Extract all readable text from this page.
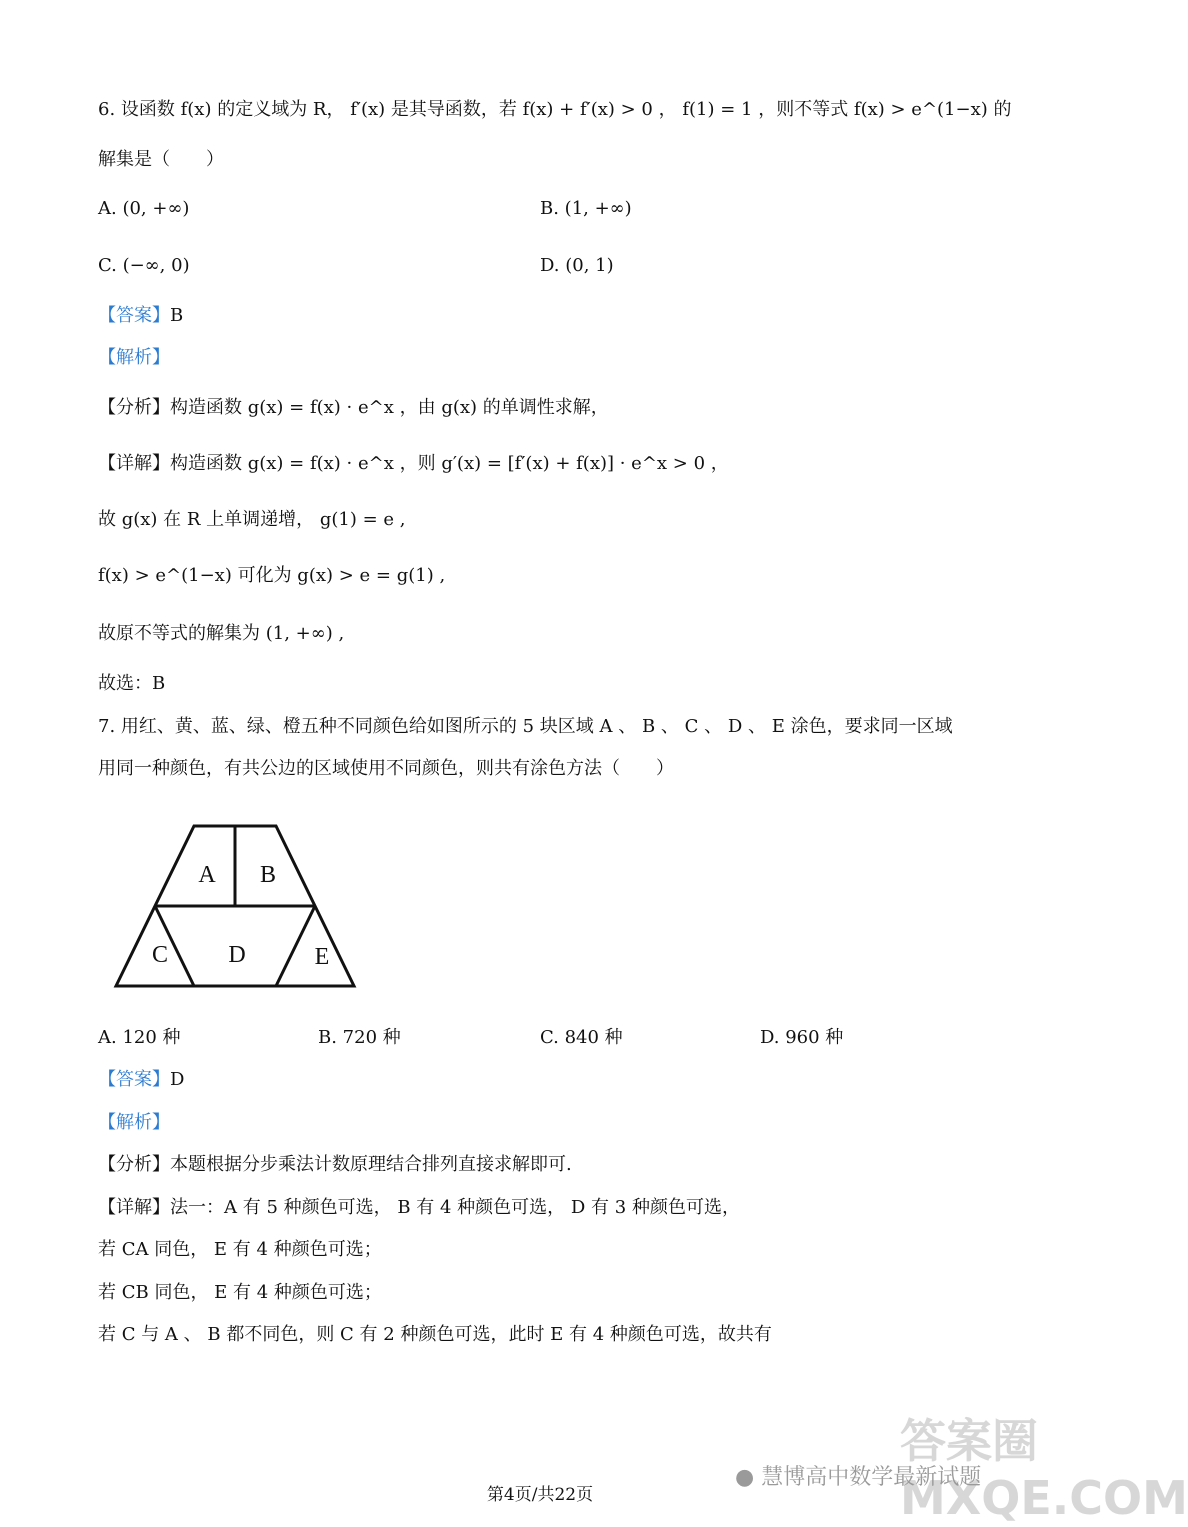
6. 设函数 f(x) 的定义域为 R， f′(x) 是其导函数，若 f(x) + f′(x) > 0 ， f(1) = 1 ，则不等式 f(x) > e^(1−x) 的
解集是（　　）
A. (0, +∞)	B. (1, +∞)
C. (−∞, 0)	D. (0, 1)
【答案】B
【解析】
【分析】构造函数 g(x) = f(x) · e^x ，由 g(x) 的单调性求解，
【详解】构造函数 g(x) = f(x) · e^x ，则 g′(x) = [f′(x) + f(x)] · e^x > 0 ，
故 g(x) 在 R 上单调递增， g(1) = e ,
f(x) > e^(1−x) 可化为 g(x) > e = g(1) ,
故原不等式的解集为 (1, +∞) ,
故选：B
7. 用红、黄、蓝、绿、橙五种不同颜色给如图所示的 5 块区域 A 、 B 、 C 、 D 、 E 涂色，要求同一区域
用同一种颜色，有共公边的区域使用不同颜色，则共有涂色方法（　　）
A B
C	D	E
A. 120 种	B. 720 种	C. 840 种	D. 960 种
【答案】D
【解析】
【分析】本题根据分步乘法计数原理结合排列直接求解即可.
【详解】法一：A 有 5 种颜色可选， B 有 4 种颜色可选， D 有 3 种颜色可选，
若 CA 同色， E 有 4 种颜色可选；
若 CB 同色， E 有 4 种颜色可选；
若 C 与 A 、 B 都不同色，则 C 有 2 种颜色可选，此时 E 有 4 种颜色可选，故共有
答案圈 MXQE.COM
● 慧博高中数学最新试题
第4页/共22页
